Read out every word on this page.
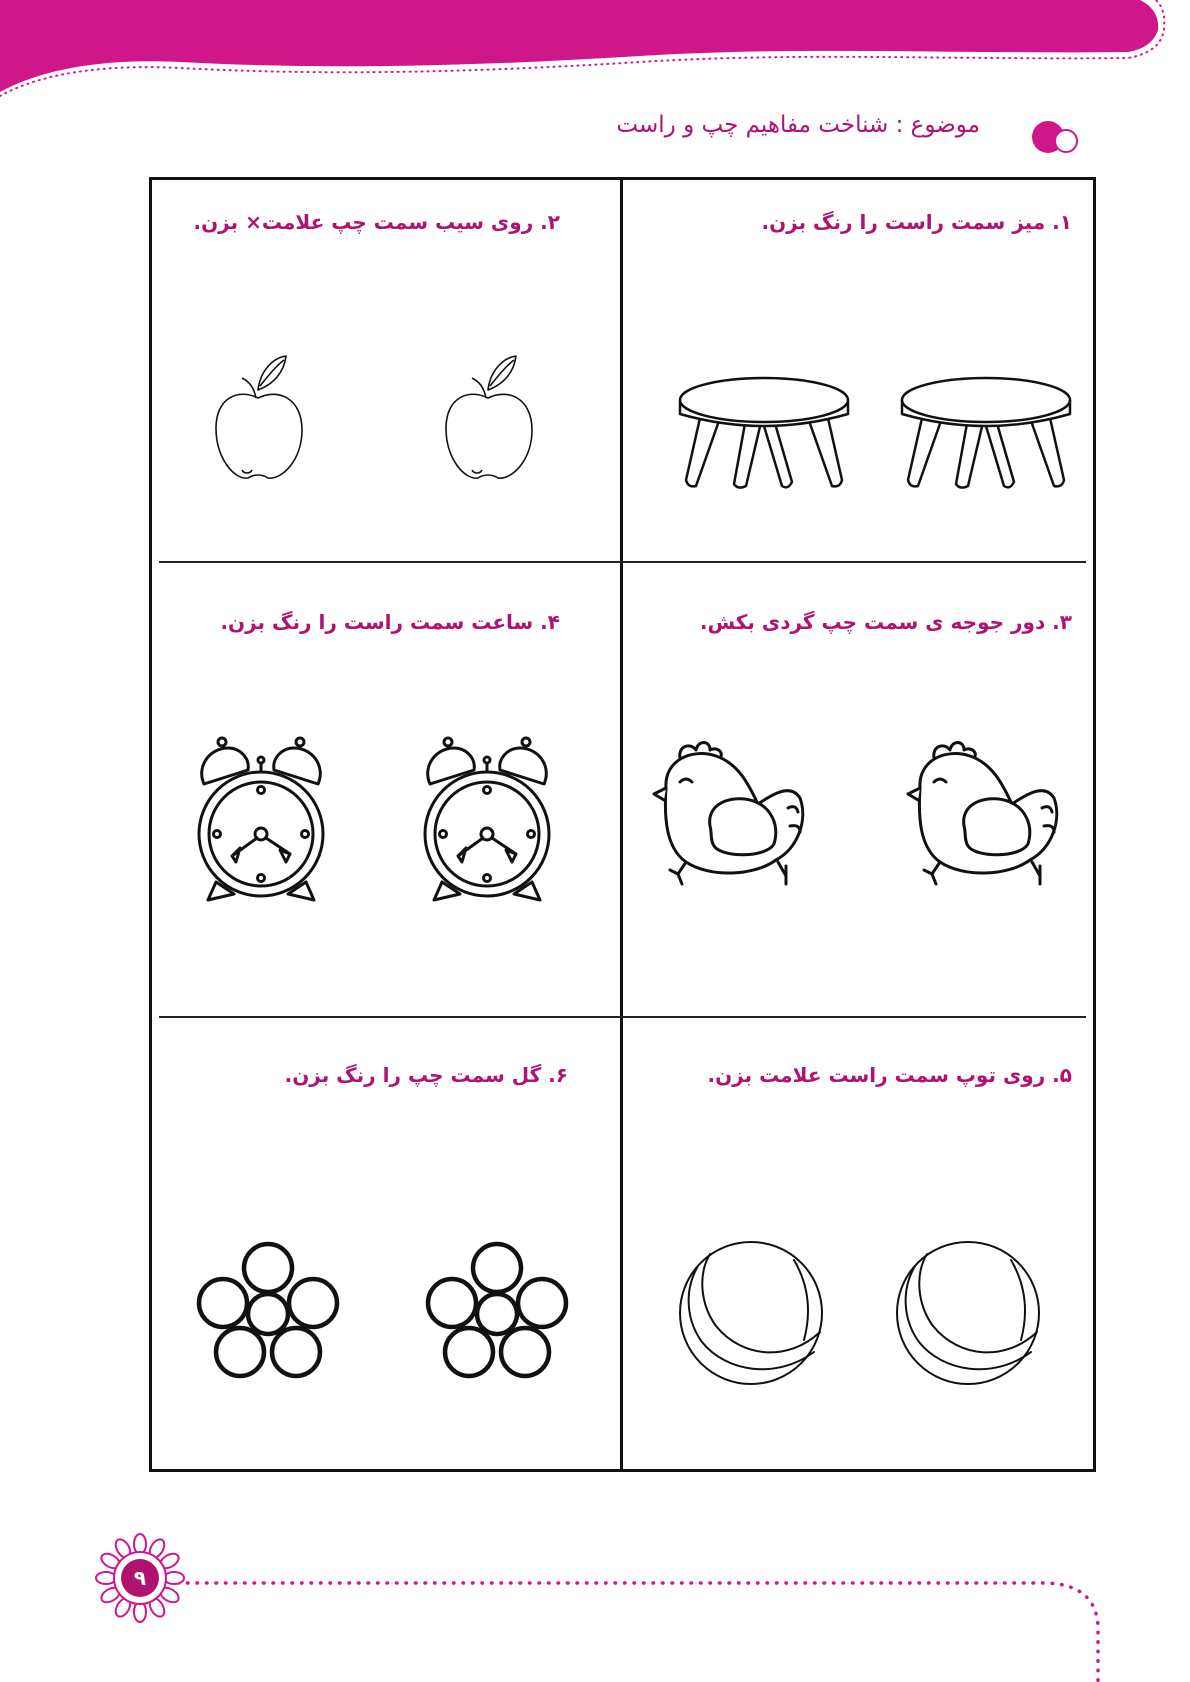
۹
موضوع : شناخت مفاهیم چپ و راست
۱. میز سمت راست را رنگ بزن.
۲. روی سیب سمت چپ علامت× بزن.
۳. دور جوجه ی سمت چپ گردی بکش.
۴. ساعت سمت راست را رنگ بزن.
۵. روی توپ سمت راست علامت بزن.
۶. گل سمت چپ را رنگ بزن.
